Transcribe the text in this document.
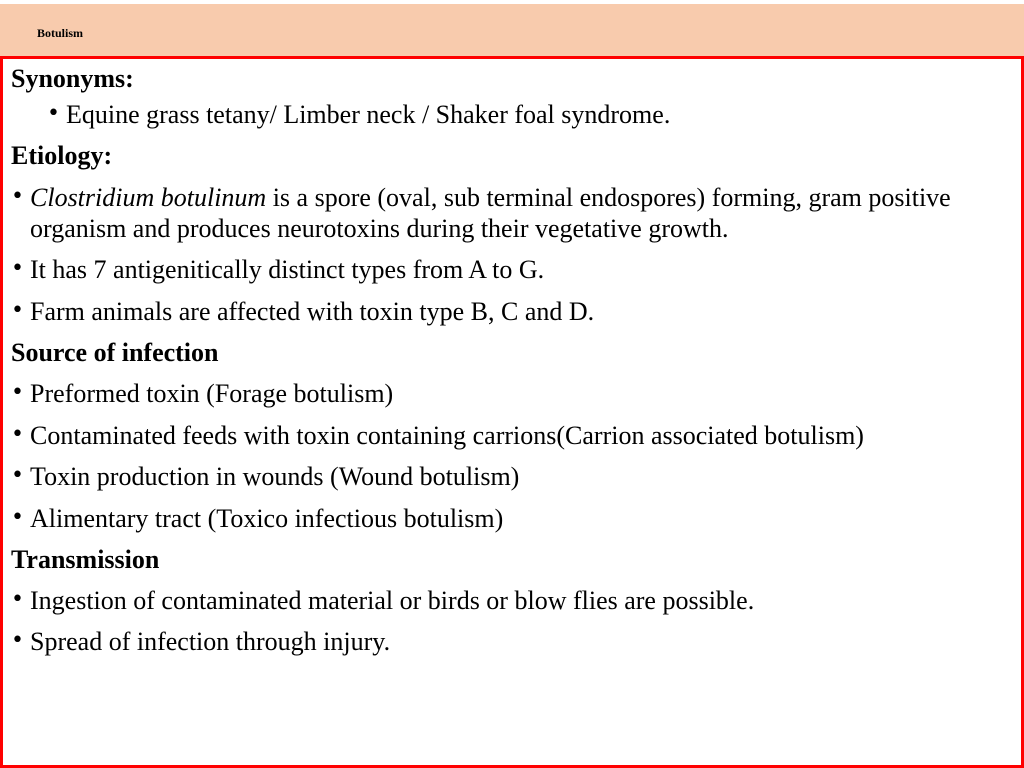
Botulism
Synonyms:
• Equine grass tetany/ Limber neck / Shaker foal syndrome.
Etiology:
• Clostridium botulinum is a spore (oval, sub terminal endospores) forming, gram positive organism and produces neurotoxins during their vegetative growth.
• It has 7 antigenitically distinct types from A to G.
• Farm animals are affected with toxin type B, C and D.
Source of infection
• Preformed toxin (Forage botulism)
• Contaminated feeds with toxin containing carrions(Carrion associated botulism)
• Toxin production in wounds (Wound botulism)
• Alimentary tract (Toxico infectious botulism)
Transmission
• Ingestion of contaminated material or birds or blow flies are possible.
• Spread of infection through injury.
